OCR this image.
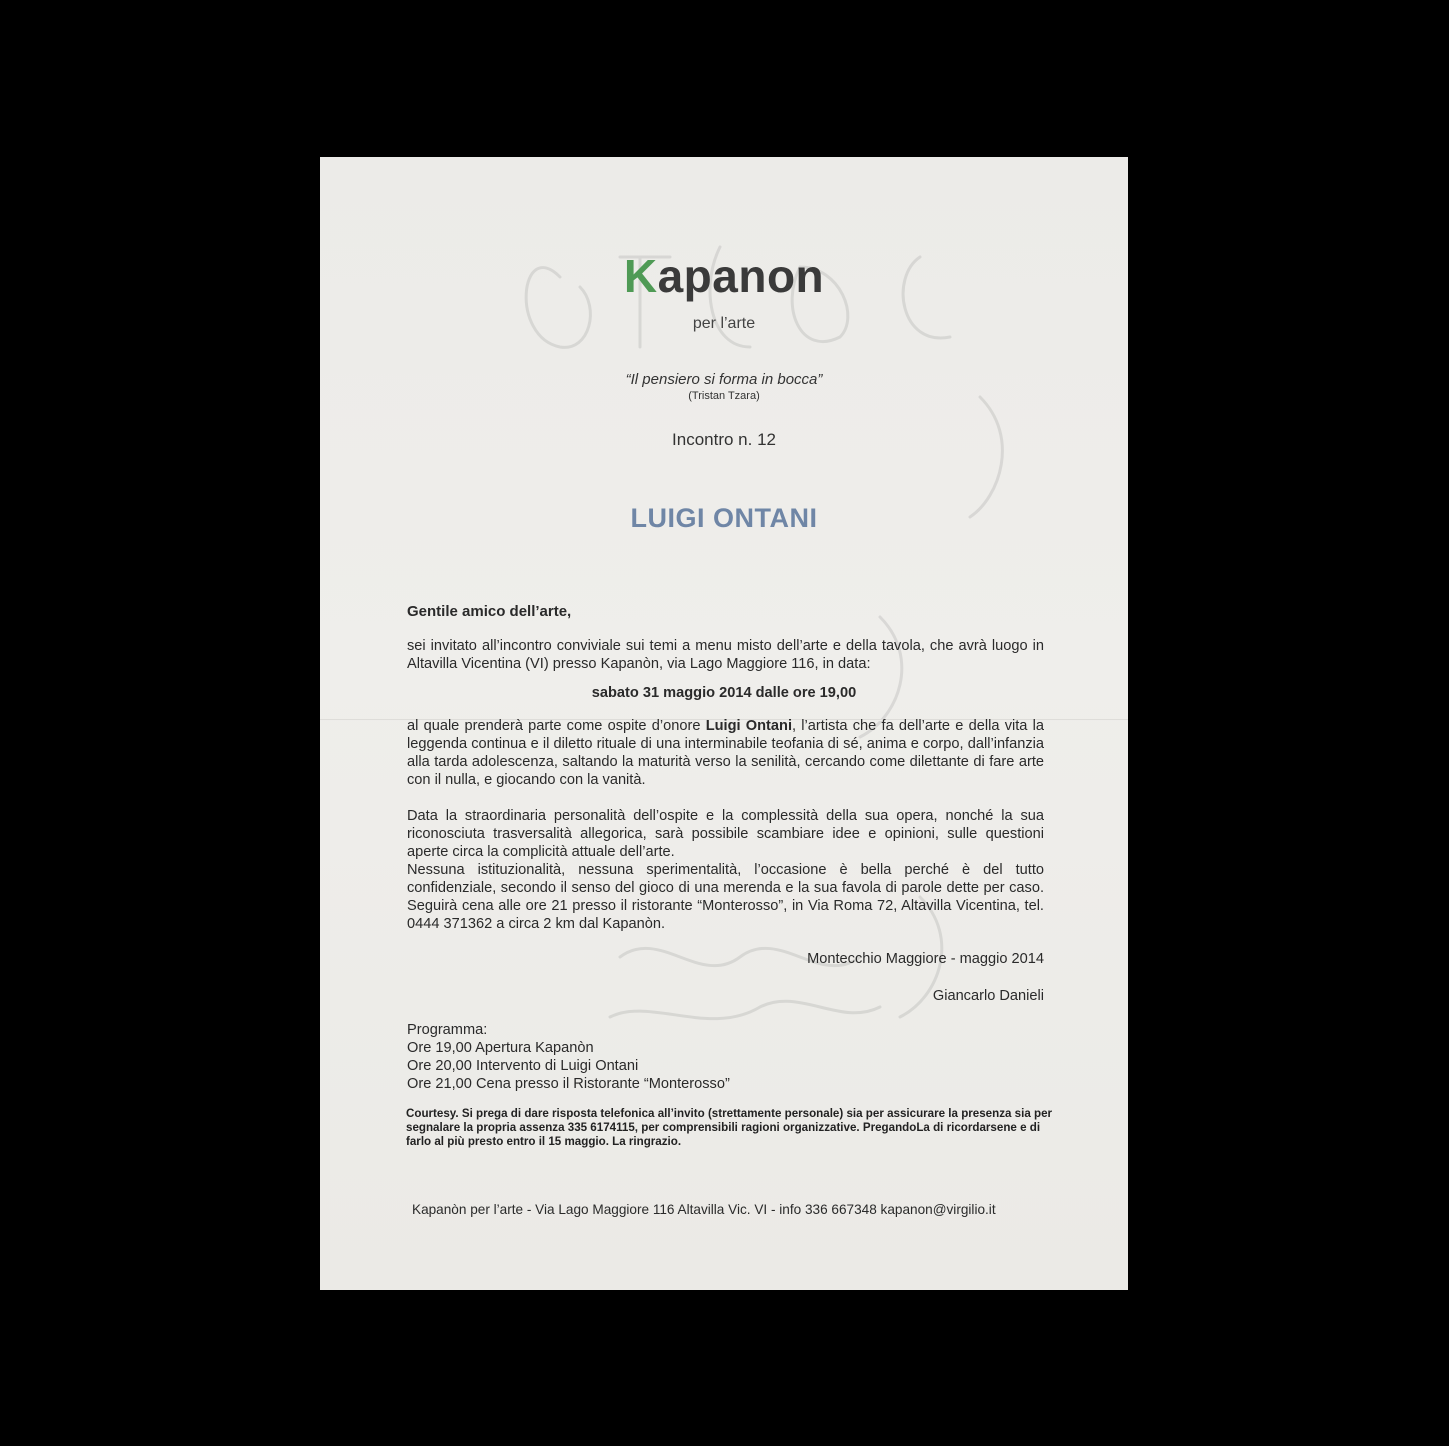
Kapanon
per l’arte
“Il pensiero si forma in bocca”
(Tristan Tzara)
Incontro n. 12
LUIGI ONTANI
Gentile amico dell’arte,
sei invitato all’incontro conviviale sui temi a menu misto dell’arte e della tavola, che avrà luogo in Altavilla Vicentina (VI) presso Kapanòn, via Lago Maggiore 116, in data:
sabato 31 maggio 2014 dalle ore 19,00
al quale prenderà parte come ospite d’onore Luigi Ontani, l’artista che fa dell’arte e della vita la leggenda continua e il diletto rituale di una interminabile teofania di sé, anima e corpo, dall’infanzia alla tarda adolescenza, saltando la maturità verso la senilità, cercando come dilettante di fare arte con il nulla, e giocando con la vanità.
Data la straordinaria personalità dell’ospite e la complessità della sua opera, nonché la sua riconosciuta trasversalità allegorica, sarà possibile scambiare idee e opinioni, sulle questioni aperte circa la complicità attuale dell’arte.
Nessuna istituzionalità, nessuna sperimentalità, l’occasione è bella perché è del tutto confidenziale, secondo il senso del gioco di una merenda e la sua favola di parole dette per caso. Seguirà cena alle ore 21 presso il ristorante “Monterosso”, in Via Roma 72, Altavilla Vicentina, tel. 0444 371362 a circa 2 km dal Kapanòn.
Montecchio Maggiore - maggio 2014
Giancarlo Danieli
Programma:
Ore 19,00 Apertura Kapanòn
Ore 20,00 Intervento di Luigi Ontani
Ore 21,00 Cena presso il Ristorante “Monterosso”
Courtesy. Si prega di dare risposta telefonica all’invito (strettamente personale) sia per assicurare la presenza sia per segnalare la propria assenza 335 6174115, per comprensibili ragioni organizzative. PregandoLa di ricordarsene e di farlo al più presto entro il 15 maggio. La ringrazio.
Kapanòn per l’arte - Via Lago Maggiore 116 Altavilla Vic. VI - info 336 667348 kapanon@virgilio.it
